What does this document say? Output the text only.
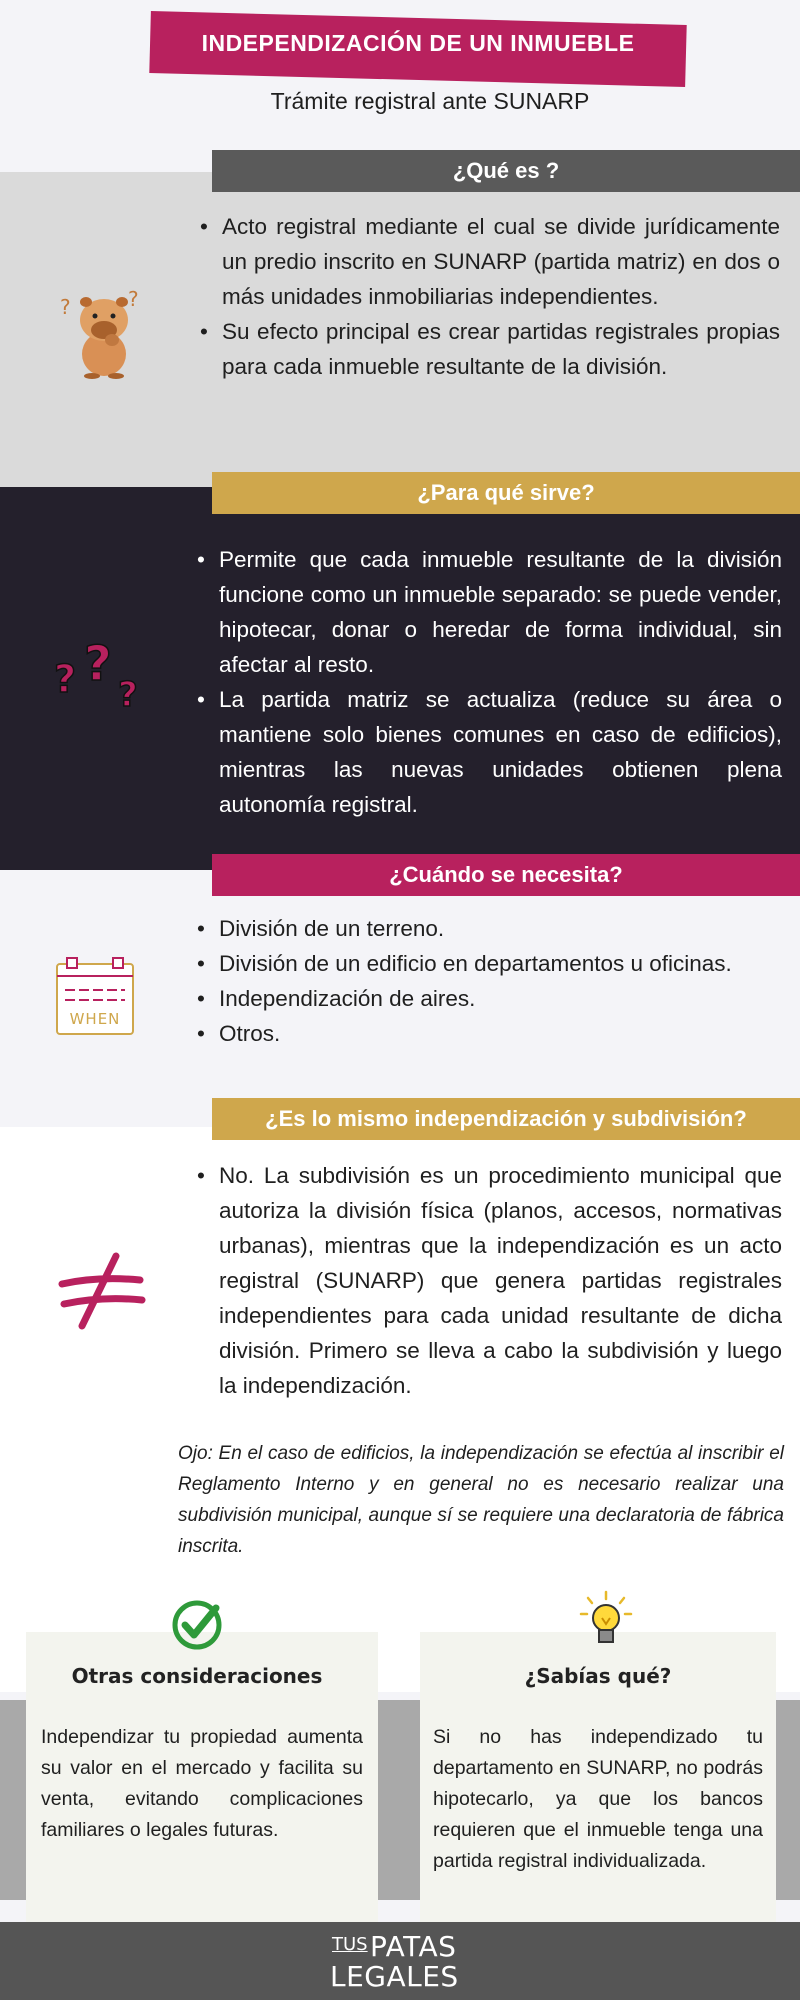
INDEPENDIZACIÓN DE UN INMUEBLE
Trámite registral ante SUNARP
¿Qué es ?
?	?
• Acto registral mediante el cual se divide jurídicamente un predio inscrito en SUNARP (partida matriz) en dos o más unidades inmobiliarias independientes.
• Su efecto principal es crear partidas registrales propias para cada inmueble resultante de la división.
¿Para qué sirve?
? ?
?
• Permite que cada inmueble resultante de la división funcione como un inmueble separado: se puede vender, hipotecar, donar o heredar de forma individual, sin afectar al resto.
• La partida matriz se actualiza (reduce su área o mantiene solo bienes comunes en caso de edificios), mientras las nuevas unidades obtienen plena autonomía registral.
¿Cuándo se necesita?
WHEN
• División de un terreno.
• División de un edificio en departamentos u oficinas.
• Independización de aires.
• Otros.
¿Es lo mismo independización y subdivisión?
• No. La subdivisión es un procedimiento municipal que autoriza la división física (planos, accesos, normativas urbanas), mientras que la independización es un acto registral (SUNARP) que genera partidas registrales independientes para cada unidad resultante de dicha división. Primero se lleva a cabo la subdivisión y luego la independización.
Ojo: En el caso de edificios, la independización se efectúa al inscribir el Reglamento Interno y en general no es necesario realizar una subdivisión municipal, aunque sí se requiere una declaratoria de fábrica inscrita.
Otras consideraciones
Independizar tu propiedad aumenta su valor en el mercado y facilita su venta, evitando complicaciones familiares o legales futuras.
¿Sabías qué?
Si no has independizado tu departamento en SUNARP, no podrás hipotecarlo, ya que los bancos requieren que el inmueble tenga una partida registral individualizada.
TUS PATAS
LEGALES
